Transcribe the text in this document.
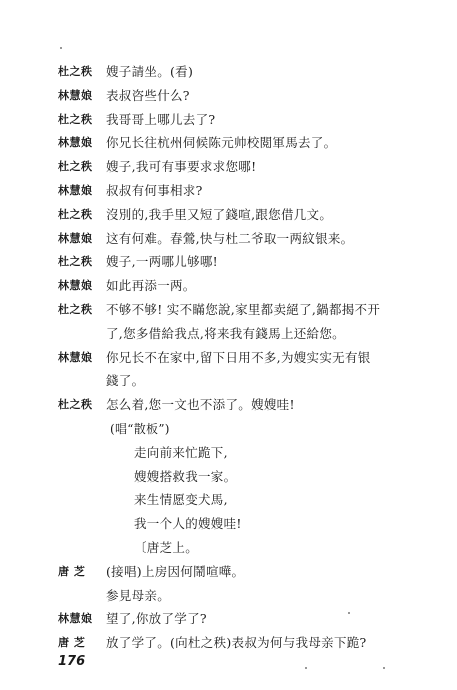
杜之秩 嫂子請坐。(看)
林慧娘 表叔咨些什么?
杜之秩 我哥哥上哪儿去了?
林慧娘 你兄长往杭州伺候陈元帅校閲軍馬去了。
杜之秩 嫂子,我可有事要求求您哪!
林慧娘 叔叔有何事相求?
杜之秩 沒別的,我手里又短了錢喧,跟您借几文。
林慧娘 这有何难。春鶯,快与杜二爷取一两紋银来。
杜之秩 嫂子,一两哪儿够哪!
林慧娘 如此再添一两。
杜之秩 不够不够! 实不瞞您說,家里都卖絕了,鍋都揭不开
了,您多借給我点,将来我有錢馬上还給您。
林慧娘 你兄长不在家中,留下日用不多,为嫂实实无有银
錢了。
杜之秩 怎么着,您一文也不添了。嫂嫂哇!
(唱“散板”)
走向前来忙跪下,
嫂嫂搭救我一家。
来生情愿变犬馬,
我一个人的嫂嫂哇!
〔唐芝上。
唐 芝 (接唱)上房因何鬧喧嘩。
参見母亲。
林慧娘 望了,你放了学了?
唐 芝 放了学了。(向杜之秩)表叔为何与我母亲下跪?
176
